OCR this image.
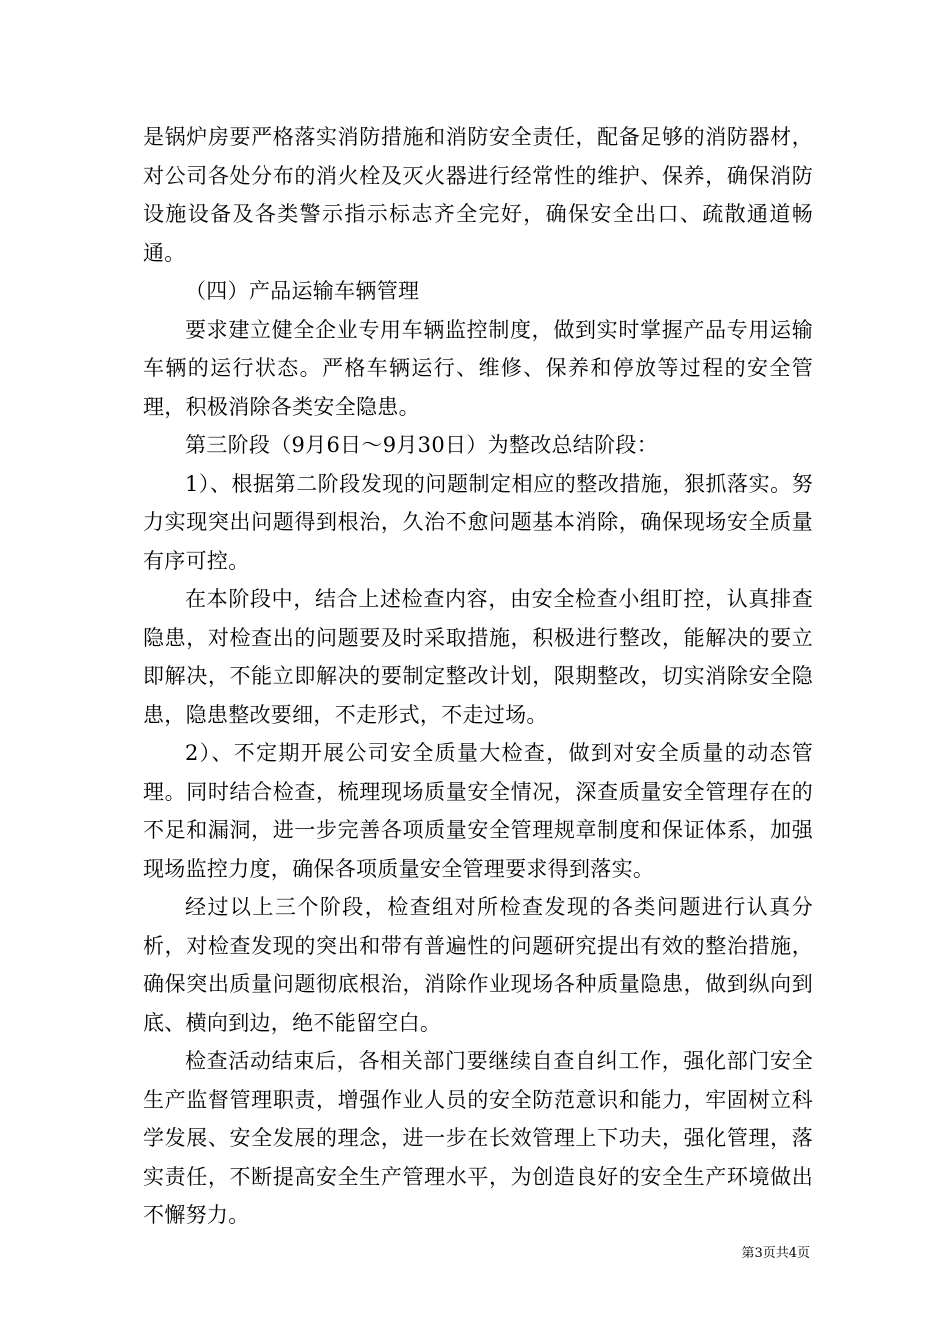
是锅炉房要严格落实消防措施和消防安全责任，配备足够的消防器材，对公司各处分布的消火栓及灭火器进行经常性的维护、保养，确保消防设施设备及各类警示指示标志齐全完好，确保安全出口、疏散通道畅通。

（四）产品运输车辆管理

要求建立健全企业专用车辆监控制度，做到实时掌握产品专用运输车辆的运行状态。严格车辆运行、维修、保养和停放等过程的安全管理，积极消除各类安全隐患。

第三阶段（9月6日～9月30日）为整改总结阶段：

1）、根据第二阶段发现的问题制定相应的整改措施，狠抓落实。努力实现突出问题得到根治，久治不愈问题基本消除，确保现场安全质量有序可控。

在本阶段中，结合上述检查内容，由安全检查小组盯控，认真排查隐患，对检查出的问题要及时采取措施，积极进行整改，能解决的要立即解决，不能立即解决的要制定整改计划，限期整改，切实消除安全隐患，隐患整改要细，不走形式，不走过场。

2）、不定期开展公司安全质量大检查，做到对安全质量的动态管理。同时结合检查，梳理现场质量安全情况，深查质量安全管理存在的不足和漏洞，进一步完善各项质量安全管理规章制度和保证体系，加强现场监控力度，确保各项质量安全管理要求得到落实。

经过以上三个阶段，检查组对所检查发现的各类问题进行认真分析，对检查发现的突出和带有普遍性的问题研究提出有效的整治措施，确保突出质量问题彻底根治，消除作业现场各种质量隐患，做到纵向到底、横向到边，绝不能留空白。

检查活动结束后，各相关部门要继续自查自纠工作，强化部门安全生产监督管理职责，增强作业人员的安全防范意识和能力，牢固树立科学发展、安全发展的理念，进一步在长效管理上下功夫，强化管理，落实责任，不断提高安全生产管理水平，为创造良好的安全生产环境做出不懈努力。

第3页共4页
